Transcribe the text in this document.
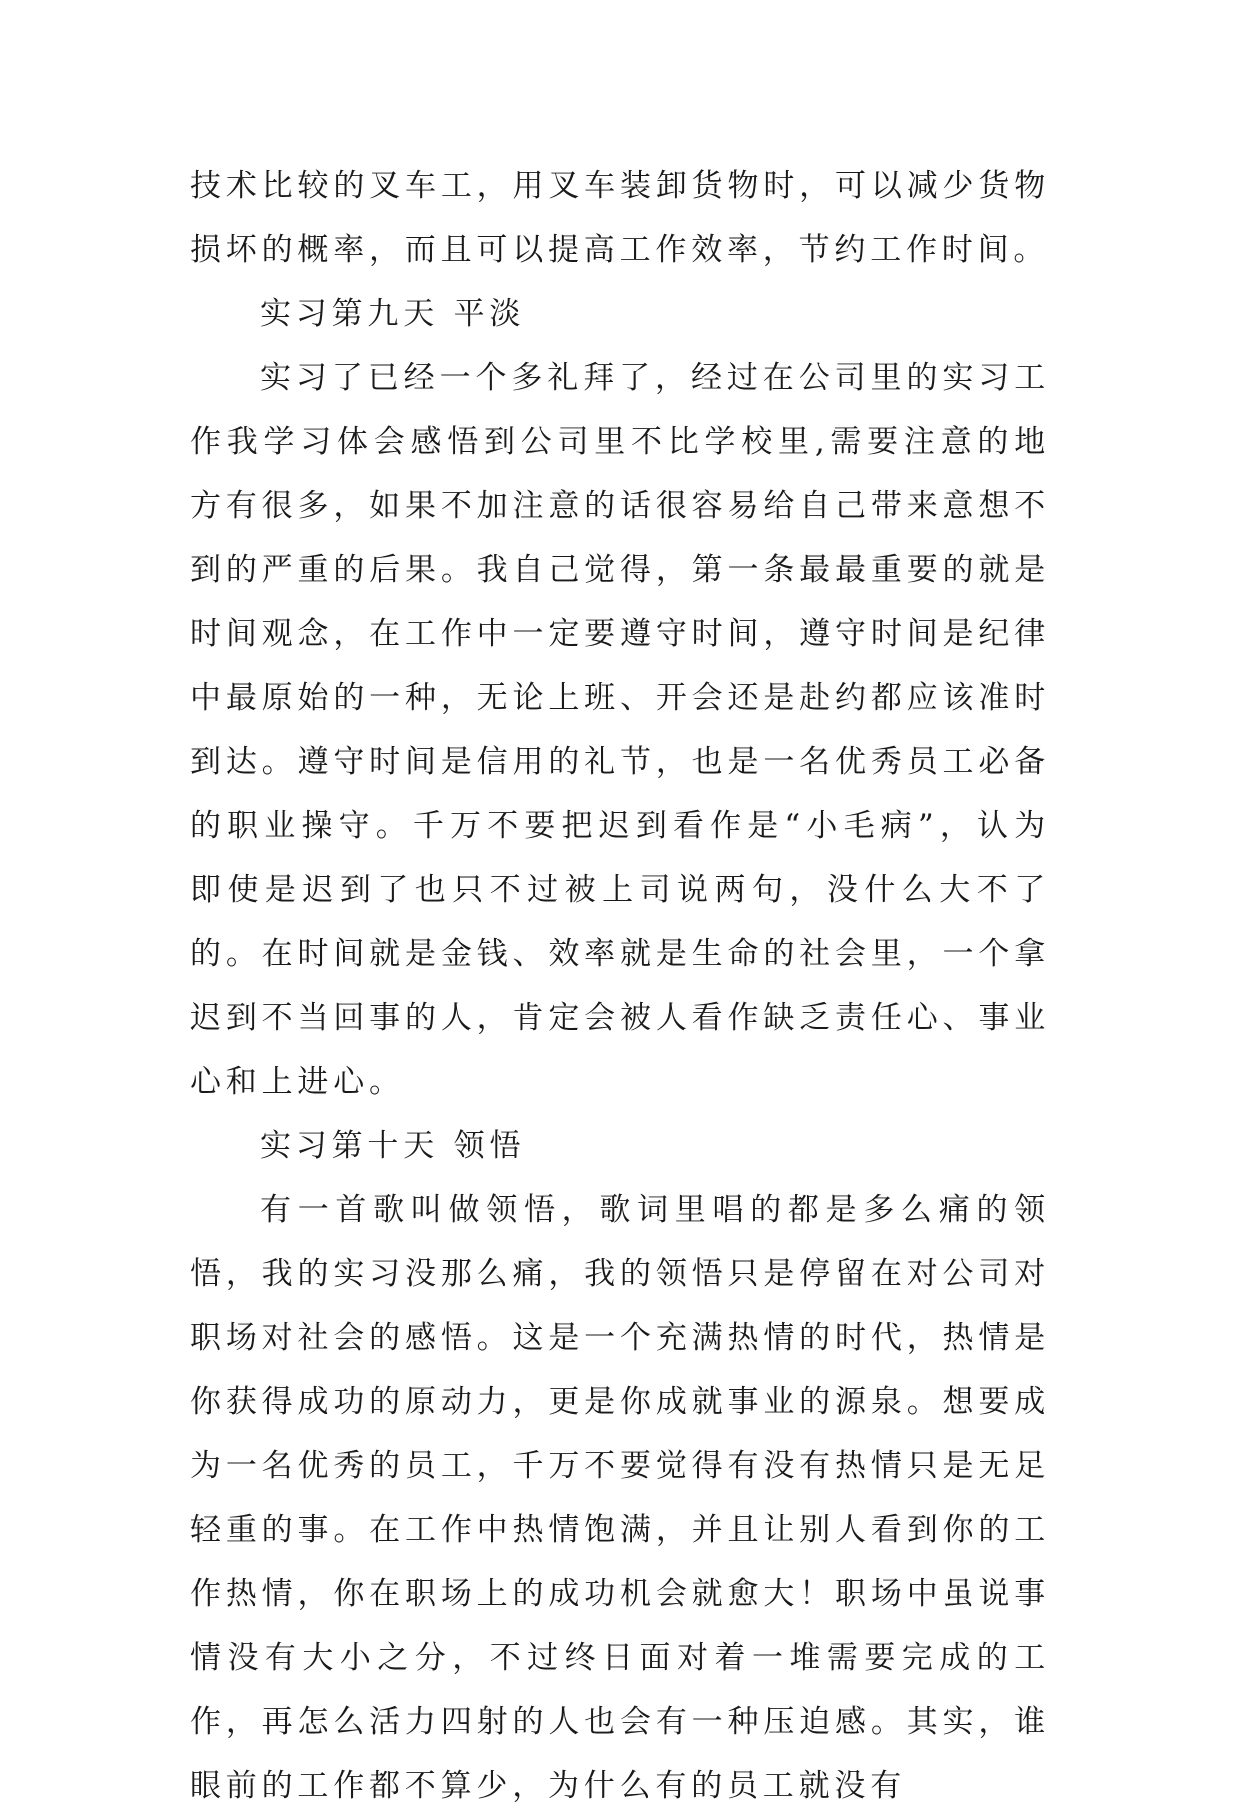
技术比较的叉车工，用叉车装卸货物时，可以减少货物损坏的概率，而且可以提高工作效率，节约工作时间。

实习第九天 平淡

实习了已经一个多礼拜了，经过在公司里的实习工作我学习体会感悟到公司里不比学校里,需要注意的地方有很多，如果不加注意的话很容易给自己带来意想不到的严重的后果。我自己觉得，第一条最最重要的就是时间观念，在工作中一定要遵守时间，遵守时间是纪律中最原始的一种，无论上班、开会还是赴约都应该准时到达。遵守时间是信用的礼节，也是一名优秀员工必备的职业操守。千万不要把迟到看作是“小毛病”，认为即使是迟到了也只不过被上司说两句，没什么大不了的。在时间就是金钱、效率就是生命的社会里，一个拿迟到不当回事的人，肯定会被人看作缺乏责任心、事业心和上进心。

实习第十天 领悟

有一首歌叫做领悟，歌词里唱的都是多么痛的领悟，我的实习没那么痛，我的领悟只是停留在对公司对职场对社会的感悟。这是一个充满热情的时代，热情是你获得成功的原动力，更是你成就事业的源泉。想要成为一名优秀的员工，千万不要觉得有没有热情只是无足轻重的事。在工作中热情饱满，并且让别人看到你的工作热情，你在职场上的成功机会就愈大！职场中虽说事情没有大小之分，不过终日面对着一堆需要完成的工作，再怎么活力四射的人也会有一种压迫感。其实，谁眼前的工作都不算少，为什么有的员工就没有
